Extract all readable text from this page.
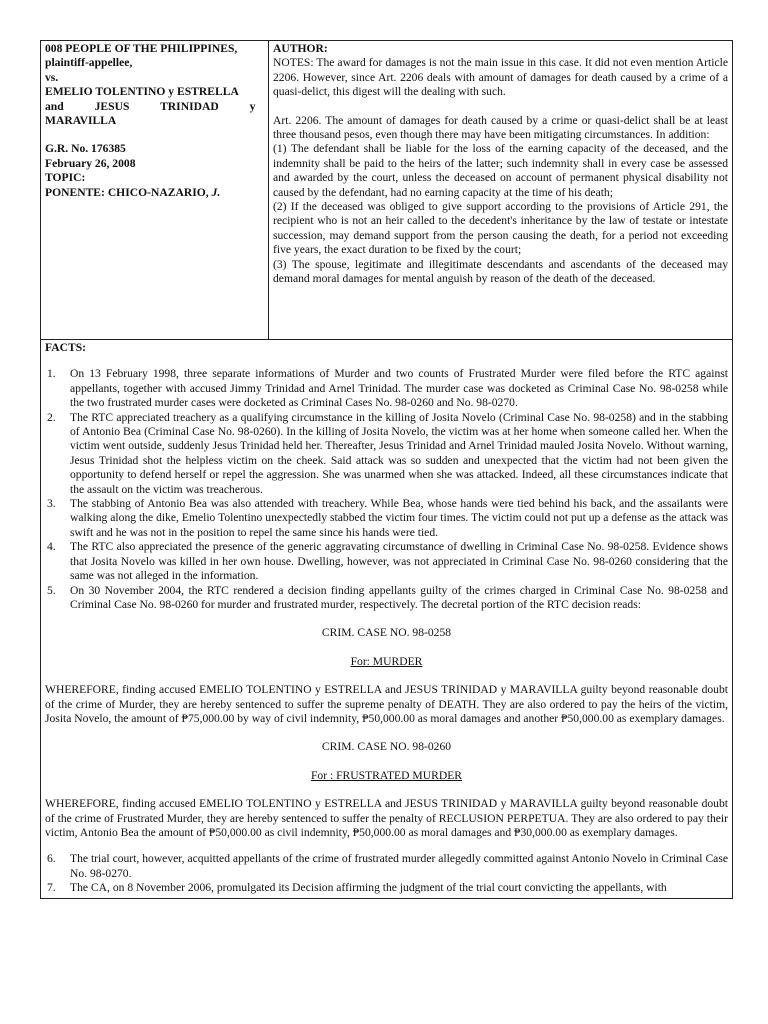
008 PEOPLE OF THE PHILIPPINES,
plaintiff-appellee,
vs.
EMELIO TOLENTINO y ESTRELLA
and JESUS TRINIDAD y
MARAVILLA
G.R. No. 176385
February 26, 2008
TOPIC:
PONENTE: CHICO-NAZARIO, J.

AUTHOR:
NOTES: The award for damages is not the main issue in this case. It did not even mention Article 2206. However, since Art. 2206 deals with amount of damages for death caused by a crime of a quasi-delict, this digest will the dealing with such.
Art. 2206. The amount of damages for death caused by a crime or quasi-delict shall be at least three thousand pesos, even though there may have been mitigating circumstances. In addition:
(1) The defendant shall be liable for the loss of the earning capacity of the deceased, and the indemnity shall be paid to the heirs of the latter; such indemnity shall in every case be assessed and awarded by the court, unless the deceased on account of permanent physical disability not caused by the defendant, had no earning capacity at the time of his death;
(2) If the deceased was obliged to give support according to the provisions of Article 291, the recipient who is not an heir called to the decedent's inheritance by the law of testate or intestate succession, may demand support from the person causing the death, for a period not exceeding five years, the exact duration to be fixed by the court;
(3) The spouse, legitimate and illegitimate descendants and ascendants of the deceased may demand moral damages for mental anguish by reason of the death of the deceased.

FACTS:
1. On 13 February 1998, three separate informations of Murder and two counts of Frustrated Murder were filed before the RTC against appellants, together with accused Jimmy Trinidad and Arnel Trinidad. The murder case was docketed as Criminal Case No. 98-0258 while the two frustrated murder cases were docketed as Criminal Cases No. 98-0260 and No. 98-0270.
2. The RTC appreciated treachery as a qualifying circumstance in the killing of Josita Novelo (Criminal Case No. 98-0258) and in the stabbing of Antonio Bea (Criminal Case No. 98-0260). In the killing of Josita Novelo, the victim was at her home when someone called her. When the victim went outside, suddenly Jesus Trinidad held her. Thereafter, Jesus Trinidad and Arnel Trinidad mauled Josita Novelo. Without warning, Jesus Trinidad shot the helpless victim on the cheek. Said attack was so sudden and unexpected that the victim had not been given the opportunity to defend herself or repel the aggression. She was unarmed when she was attacked. Indeed, all these circumstances indicate that the assault on the victim was treacherous.
3. The stabbing of Antonio Bea was also attended with treachery. While Bea, whose hands were tied behind his back, and the assailants were walking along the dike, Emelio Tolentino unexpectedly stabbed the victim four times. The victim could not put up a defense as the attack was swift and he was not in the position to repel the same since his hands were tied.
4. The RTC also appreciated the presence of the generic aggravating circumstance of dwelling in Criminal Case No. 98-0258. Evidence shows that Josita Novelo was killed in her own house. Dwelling, however, was not appreciated in Criminal Case No. 98-0260 considering that the same was not alleged in the information.
5. On 30 November 2004, the RTC rendered a decision finding appellants guilty of the crimes charged in Criminal Case No. 98-0258 and Criminal Case No. 98-0260 for murder and frustrated murder, respectively. The decretal portion of the RTC decision reads:
CRIM. CASE NO. 98-0258
For: MURDER

WHEREFORE, finding accused EMELIO TOLENTINO y ESTRELLA and JESUS TRINIDAD y MARAVILLA guilty beyond reasonable doubt of the crime of Murder, they are hereby sentenced to suffer the supreme penalty of DEATH. They are also ordered to pay the heirs of the victim, Josita Novelo, the amount of ₱75,000.00 by way of civil indemnity, ₱50,000.00 as moral damages and another ₱50,000.00 as exemplary damages.

CRIM. CASE NO. 98-0260
For : FRUSTRATED MURDER

WHEREFORE, finding accused EMELIO TOLENTINO y ESTRELLA and JESUS TRINIDAD y MARAVILLA guilty beyond reasonable doubt of the crime of Frustrated Murder, they are hereby sentenced to suffer the penalty of RECLUSION PERPETUA. They are also ordered to pay their victim, Antonio Bea the amount of ₱50,000.00 as civil indemnity, ₱50,000.00 as moral damages and ₱30,000.00 as exemplary damages.

6. The trial court, however, acquitted appellants of the crime of frustrated murder allegedly committed against Antonio Novelo in Criminal Case No. 98-0270.
7. The CA, on 8 November 2006, promulgated its Decision affirming the judgment of the trial court convicting the appellants, with
